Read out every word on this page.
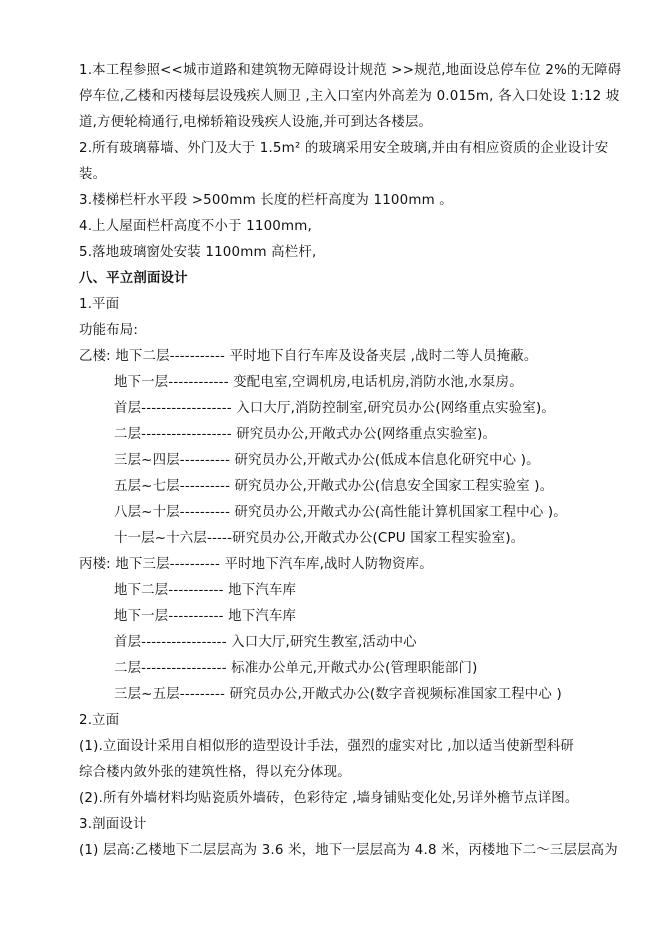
1.本工程参照<<城市道路和建筑物无障碍设计规范 >>规范,地面设总停车位 2%的无障碍
停车位,乙楼和丙楼每层设残疾人厕卫 ,主入口室内外高差为 0.015m, 各入口处设 1:12 坡
道,方便轮椅通行,电梯轿箱设残疾人设施,并可到达各楼层。
2.所有玻璃幕墙、外门及大于 1.5m² 的玻璃采用安全玻璃,并由有相应资质的企业设计安
装。
3.楼梯栏杆水平段 >500mm 长度的栏杆高度为 1100mm 。
4.上人屋面栏杆高度不小于 1100mm,
5.落地玻璃窗处安装 1100mm 高栏杆,
八、平立剖面设计
1.平面
功能布局:
乙楼: 地下二层----------- 平时地下自行车库及设备夹层 ,战时二等人员掩蔽。
地下一层------------ 变配电室,空调机房,电话机房,消防水池,水泵房。
首层------------------ 入口大厅,消防控制室,研究员办公(网络重点实验室)。
二层------------------ 研究员办公,开敞式办公(网络重点实验室)。
三层~四层---------- 研究员办公,开敞式办公(低成本信息化研究中心 )。
五层~七层---------- 研究员办公,开敞式办公(信息安全国家工程实验室 )。
八层~十层---------- 研究员办公,开敞式办公(高性能计算机国家工程中心 )。
十一层~十六层-----研究员办公,开敞式办公(CPU 国家工程实验室)。
丙楼: 地下三层---------- 平时地下汽车库,战时人防物资库。
地下二层----------- 地下汽车库
地下一层----------- 地下汽车库
首层----------------- 入口大厅,研究生教室,活动中心
二层----------------- 标准办公单元,开敞式办公(管理职能部门)
三层~五层--------- 研究员办公,开敞式办公(数字音视频标准国家工程中心 )
2.立面
(1).立面设计采用自相似形的造型设计手法，强烈的虚实对比 ,加以适当使新型科研
综合楼内敛外张的建筑性格，得以充分体现。
(2).所有外墙材料均贴瓷质外墙砖，色彩待定 ,墙身铺贴变化处,另详外檐节点详图。
3.剖面设计
(1) 层高:乙楼地下二层层高为 3.6 米，地下一层层高为 4.8 米，丙楼地下二～三层层高为
